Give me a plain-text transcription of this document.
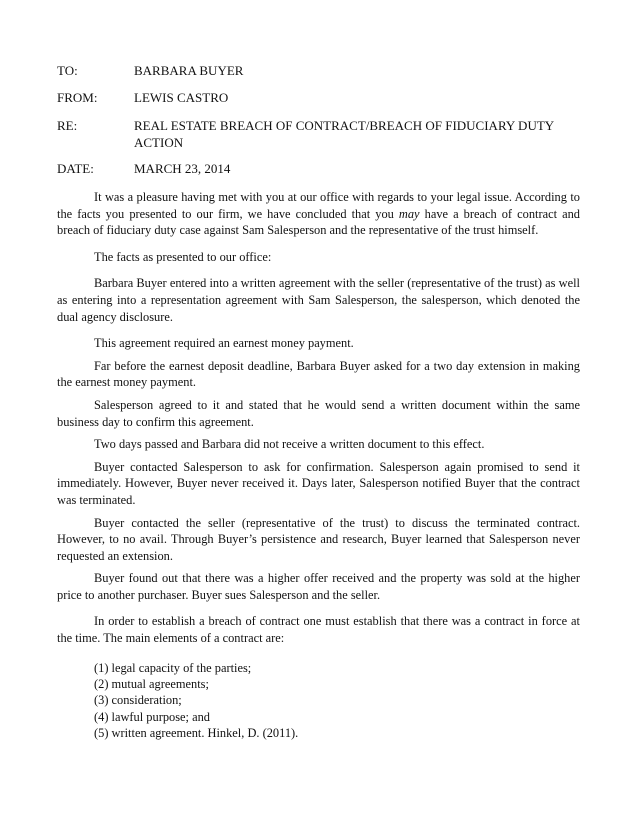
TO:	BARBARA BUYER
FROM:	LEWIS CASTRO
RE:	REAL ESTATE BREACH OF CONTRACT/BREACH OF FIDUCIARY DUTY ACTION
DATE:	MARCH 23, 2014

It was a pleasure having met with you at our office with regards to your legal issue. According to the facts you presented to our firm, we have concluded that you may have a breach of contract and breach of fiduciary duty case against Sam Salesperson and the representative of the trust himself.

The facts as presented to our office:

Barbara Buyer entered into a written agreement with the seller (representative of the trust) as well as entering into a representation agreement with Sam Salesperson, the salesperson, which denoted the dual agency disclosure.

This agreement required an earnest money payment.

Far before the earnest deposit deadline, Barbara Buyer asked for a two day extension in making the earnest money payment.

Salesperson agreed to it and stated that he would send a written document within the same business day to confirm this agreement.

Two days passed and Barbara did not receive a written document to this effect.

Buyer contacted Salesperson to ask for confirmation. Salesperson again promised to send it immediately. However, Buyer never received it. Days later, Salesperson notified Buyer that the contract was terminated.

Buyer contacted the seller (representative of the trust) to discuss the terminated contract. However, to no avail. Through Buyer’s persistence and research, Buyer learned that Salesperson never requested an extension.

Buyer found out that there was a higher offer received and the property was sold at the higher price to another purchaser. Buyer sues Salesperson and the seller.

In order to establish a breach of contract one must establish that there was a contract in force at the time. The main elements of a contract are:

(1) legal capacity of the parties;
(2) mutual agreements;
(3) consideration;
(4) lawful purpose; and
(5) written agreement. Hinkel, D. (2011).
